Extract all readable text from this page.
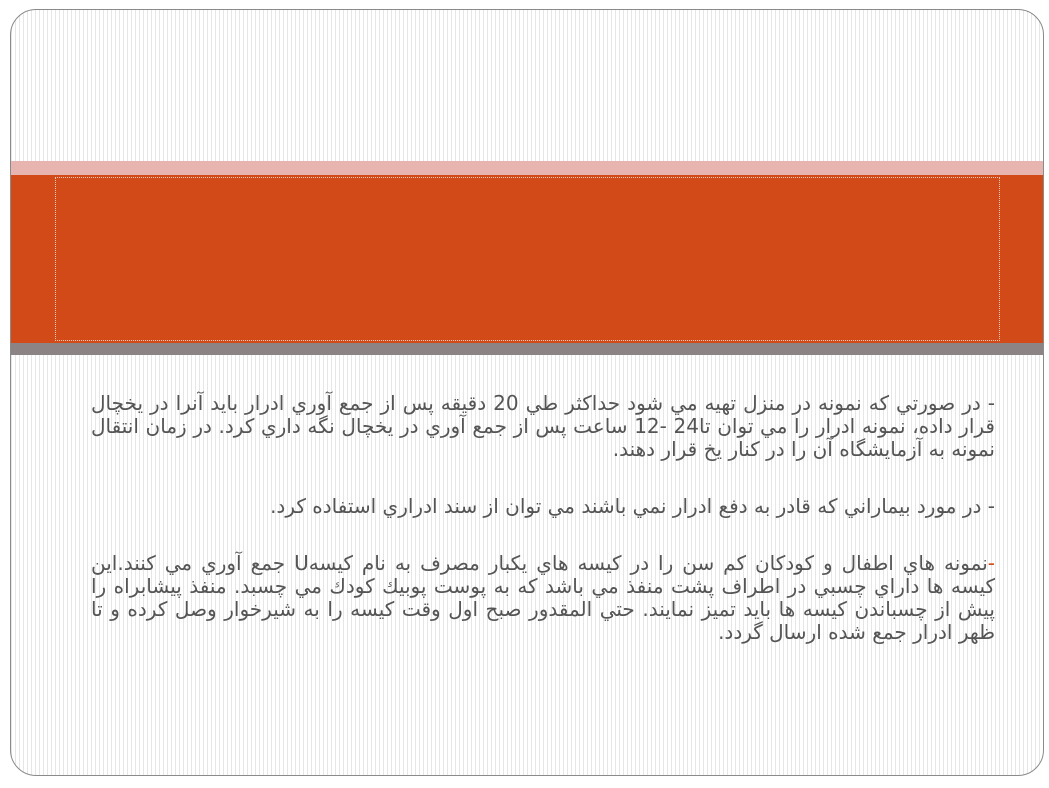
- در صورتي كه نمونه در منزل تهيه مي شود حداكثر طي 20 دقيقه پس از جمع آوري ادرار بايد آنرا در يخچال قرار داده، نمونه ادرار را مي توان تا24 -12 ساعت پس از جمع آوري در يخچال نگه داري كرد. در زمان انتقال نمونه به آزمايشگاه آن را در كنار يخ قرار دهند.

- در مورد بيماراني كه قادر به دفع ادرار نمي باشند مي توان از سند ادراري استفاده كرد.

-نمونه هاي اطفال و كودكان كم سن را در كيسه هاي يكبار مصرف به نام كيسهU جمع آوري مي كنند.اين كيسه ها داراي چسبي در اطراف پشت منفذ مي باشد كه به پوست پوبيك كودك مي چسبد. منفذ پيشابراه را پيش از چسباندن كيسه ها بايد تميز نمايند. حتي المقدور صبح اول وقت كيسه را به شيرخوار وصل كرده و تا ظهر ادرار جمع شده ارسال گردد.
